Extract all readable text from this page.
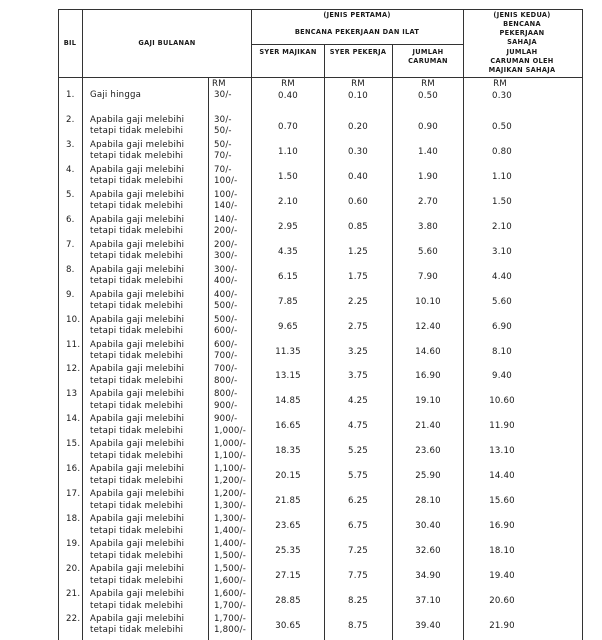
BIL	GAJI BULANAN
(JENIS PERTAMA)
BENCANA PEKERJAAN DAN ILAT
(JENIS KEDUA)
BENCANA
PEKERJAAN
SAHAJA
SYER MAJIKAN	SYER PEKERJA	JUMLAH
CARUMAN
JUMLAH
CARUMAN OLEH
MAJIKAN SAHAJA
RM	RM	RM	RM	RM
1. Gaji hingga	30/-	0.40	0.10	0.50	0.30
2. Apabila gaji melebihi
tetapi tidak melebihi
30/-
50/-	0.70	0.20	0.90	0.50
3. Apabila gaji melebihi
tetapi tidak melebihi
50/-
70/-	1.10	0.30	1.40	0.80
4. Apabila gaji melebihi
tetapi tidak melebihi
70/-
100/-	1.50	0.40	1.90	1.10
5. Apabila gaji melebihi
tetapi tidak melebihi
100/-
140/-	2.10	0.60	2.70	1.50
6. Apabila gaji melebihi
tetapi tidak melebihi
140/-
200/-	2.95	0.85	3.80	2.10
7. Apabila gaji melebihi
tetapi tidak melebihi
200/-
300/-	4.35	1.25	5.60	3.10
8. Apabila gaji melebihi
tetapi tidak melebihi
300/-
400/-	6.15	1.75	7.90	4.40
9. Apabila gaji melebihi
tetapi tidak melebihi
400/-
500/-	7.85	2.25	10.10	5.60
10. Apabila gaji melebihi
tetapi tidak melebihi
500/-
600/-	9.65	2.75	12.40	6.90
11. Apabila gaji melebihi
tetapi tidak melebihi
600/-
700/-	11.35	3.25	14.60	8.10
12. Apabila gaji melebihi
tetapi tidak melebihi
700/-
800/-	13.15	3.75	16.90	9.40
13 Apabila gaji melebihi
tetapi tidak melebihi
800/-
900/-	14.85	4.25	19.10	10.60
14. Apabila gaji melebihi
tetapi tidak melebihi
900/-
1,000/-	16.65	4.75	21.40	11.90
15. Apabila gaji melebihi
tetapi tidak melebihi
1,000/-
1,100/-	18.35	5.25	23.60	13.10
16. Apabila gaji melebihi
tetapi tidak melebihi
1,100/-
1,200/-	20.15	5.75	25.90	14.40
17. Apabila gaji melebihi
tetapi tidak melebihi
1,200/-
1,300/-	21.85	6.25	28.10	15.60
18. Apabila gaji melebihi
tetapi tidak melebihi
1,300/-
1,400/-	23.65	6.75	30.40	16.90
19. Apabila gaji melebihi
tetapi tidak melebihi
1,400/-
1,500/-	25.35	7.25	32.60	18.10
20. Apabila gaji melebihi
tetapi tidak melebihi
1,500/-
1,600/-	27.15	7.75	34.90	19.40
21. Apabila gaji melebihi
tetapi tidak melebihi
1,600/-
1,700/-	28.85	8.25	37.10	20.60
22. Apabila gaji melebihi
tetapi tidak melebihi
1,700/-
1,800/-	30.65	8.75	39.40	21.90
